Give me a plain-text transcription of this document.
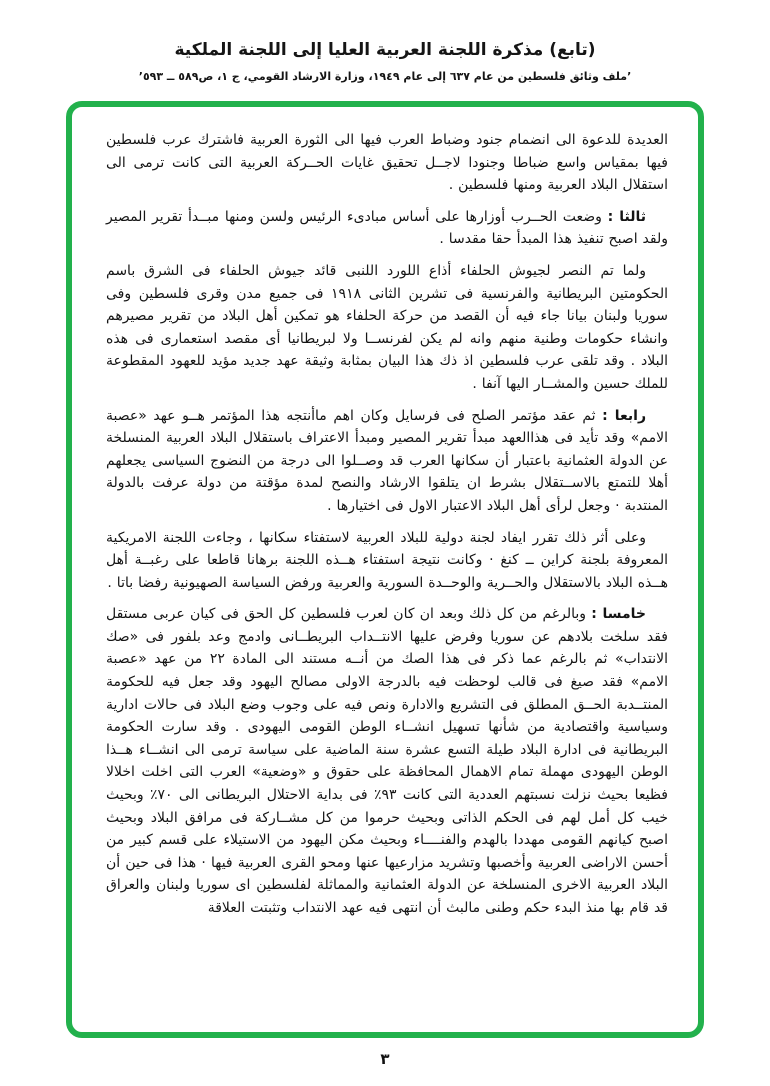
(تابع) مذكرة اللجنة العربية العليا إلى اللجنة الملكية
’ملف وثائق فلسطين من عام ٦٣٧ إلى عام ١٩٤٩، وزارة الارشاد القومي، ج ١، ص٥٨٩ ــ ٥٩٣’

العديدة للدعوة الى انضمام جنود وضباط العرب فيها الى الثورة العربية فاشترك عرب فلسطين فيها بمقياس واسع ضباطا وجنودا لاجــل تحقيق غايات الحــركة العربية التى كانت ترمى الى استقلال البلاد العربية ومنها فلسطين .

ثالثا : وضعت الحــرب أوزارها على أساس مبادىء الرئيس ولسن ومنها مبــدأ تقرير المصير ولقد اصبح تنفيذ هذا المبدأ حقا مقدسا .

ولما تم النصر لجيوش الحلفاء أذاع اللورد اللنبى قائد جيوش الحلفاء فى الشرق باسم الحكومتين البريطانية والفرنسية فى تشرين الثانى ١٩١٨ فى جميع مدن وقرى فلسطين وفى سوريا ولبنان بيانا جاء فيه أن القصد من حركة الحلفاء هو تمكين أهل البلاد من تقرير مصيرهم وانشاء حكومات وطنية منهم وانه لم يكن لفرنســا ولا لبريطانيا أى مقصد استعمارى فى هذه البلاد . وقد تلقى عرب فلسطين اذ ذك هذا البيان بمثابة وثيقة عهد جديد مؤيد للعهود المقطوعة للملك حسين والمشــار اليها آنفا .

رابعا : ثم عقد مؤتمر الصلح فى فرسايل وكان اهم ماأنتجه هذا المؤتمر هــو عهد «عصبة الامم» وقد تأيد فى هذاالعهد مبدأ تقرير المصير ومبدأ الاعتراف باستقلال البلاد العربية المنسلخة عن الدولة العثمانية باعتبار أن سكانها العرب قد وصــلوا الى درجة من النضوج السياسى يجعلهم أهلا للتمتع بالاســتقلال بشرط ان يتلقوا الارشاد والنصح لمدة مؤقتة من دولة عرفت بالدولة المنتدبة · وجعل لرأى أهل البلاد الاعتبار الاول فى اختيارها .

وعلى أثر ذلك تقرر ايفاد لجنة دولية للبلاد العربية لاستفتاء سكانها ، وجاءت اللجنة الامريكية المعروفة بلجنة كراين ــ كنغ · وكانت نتيجة استفتاء هــذه اللجنة برهانا قاطعا على رغبــة أهل هــذه البلاد بالاستقلال والحــرية والوحــدة السورية والعربية ورفض السياسة الصهيونية رفضا باتا .

خامسا : وبالرغم من كل ذلك وبعد ان كان لعرب فلسطين كل الحق فى كيان عربى مستقل فقد سلخت بلادهم عن سوريا وفرض عليها الانتــداب البريطــانى وادمج وعد بلفور فى «صك الانتداب» ثم بالرغم عما ذكر فى هذا الصك من أنــه مستند الى المادة ٢٢ من عهد «عصبة الامم» فقد صيغ فى قالب لوحظت فيه بالدرجة الاولى مصالح اليهود وقد جعل فيه للحكومة المنتــدبة الحــق المطلق فى التشريع والادارة ونص فيه على وجوب وضع البلاد فى حالات ادارية وسياسية واقتصادية من شأنها تسهيل انشــاء الوطن القومى اليهودى . وقد سارت الحكومة البريطانية فى ادارة البلاد طيلة التسع عشرة سنة الماضية على سياسة ترمى الى انشــاء هــذا الوطن اليهودى مهملة تمام الاهمال المحافظة على حقوق و «وضعية» العرب التى اخلت اخلالا فظيعا بحيث نزلت نسبتهم العددية التى كانت ٩٣٪ فى بداية الاحتلال البريطانى الى ٧٠٪ وبحيث خيب كل أمل لهم فى الحكم الذاتى وبحيث حرموا من كل مشــاركة فى مرافق البلاد وبحيث اصبح كيانهم القومى مهددا بالهدم والفنــــاء وبحيث مكن اليهود من الاستيلاء على قسم كبير من أحسن الاراضى العربية وأخصبها وتشريد مزارعيها عنها ومحو القرى العربية فيها · هذا فى حين أن البلاد العربية الاخرى المنسلخة عن الدولة العثمانية والمماثلة لفلسطين اى سوريا ولبنان والعراق قد قام بها منذ البدء حكم وطنى مالبث أن انتهى فيه عهد الانتداب وتثبتت العلاقة

٣
